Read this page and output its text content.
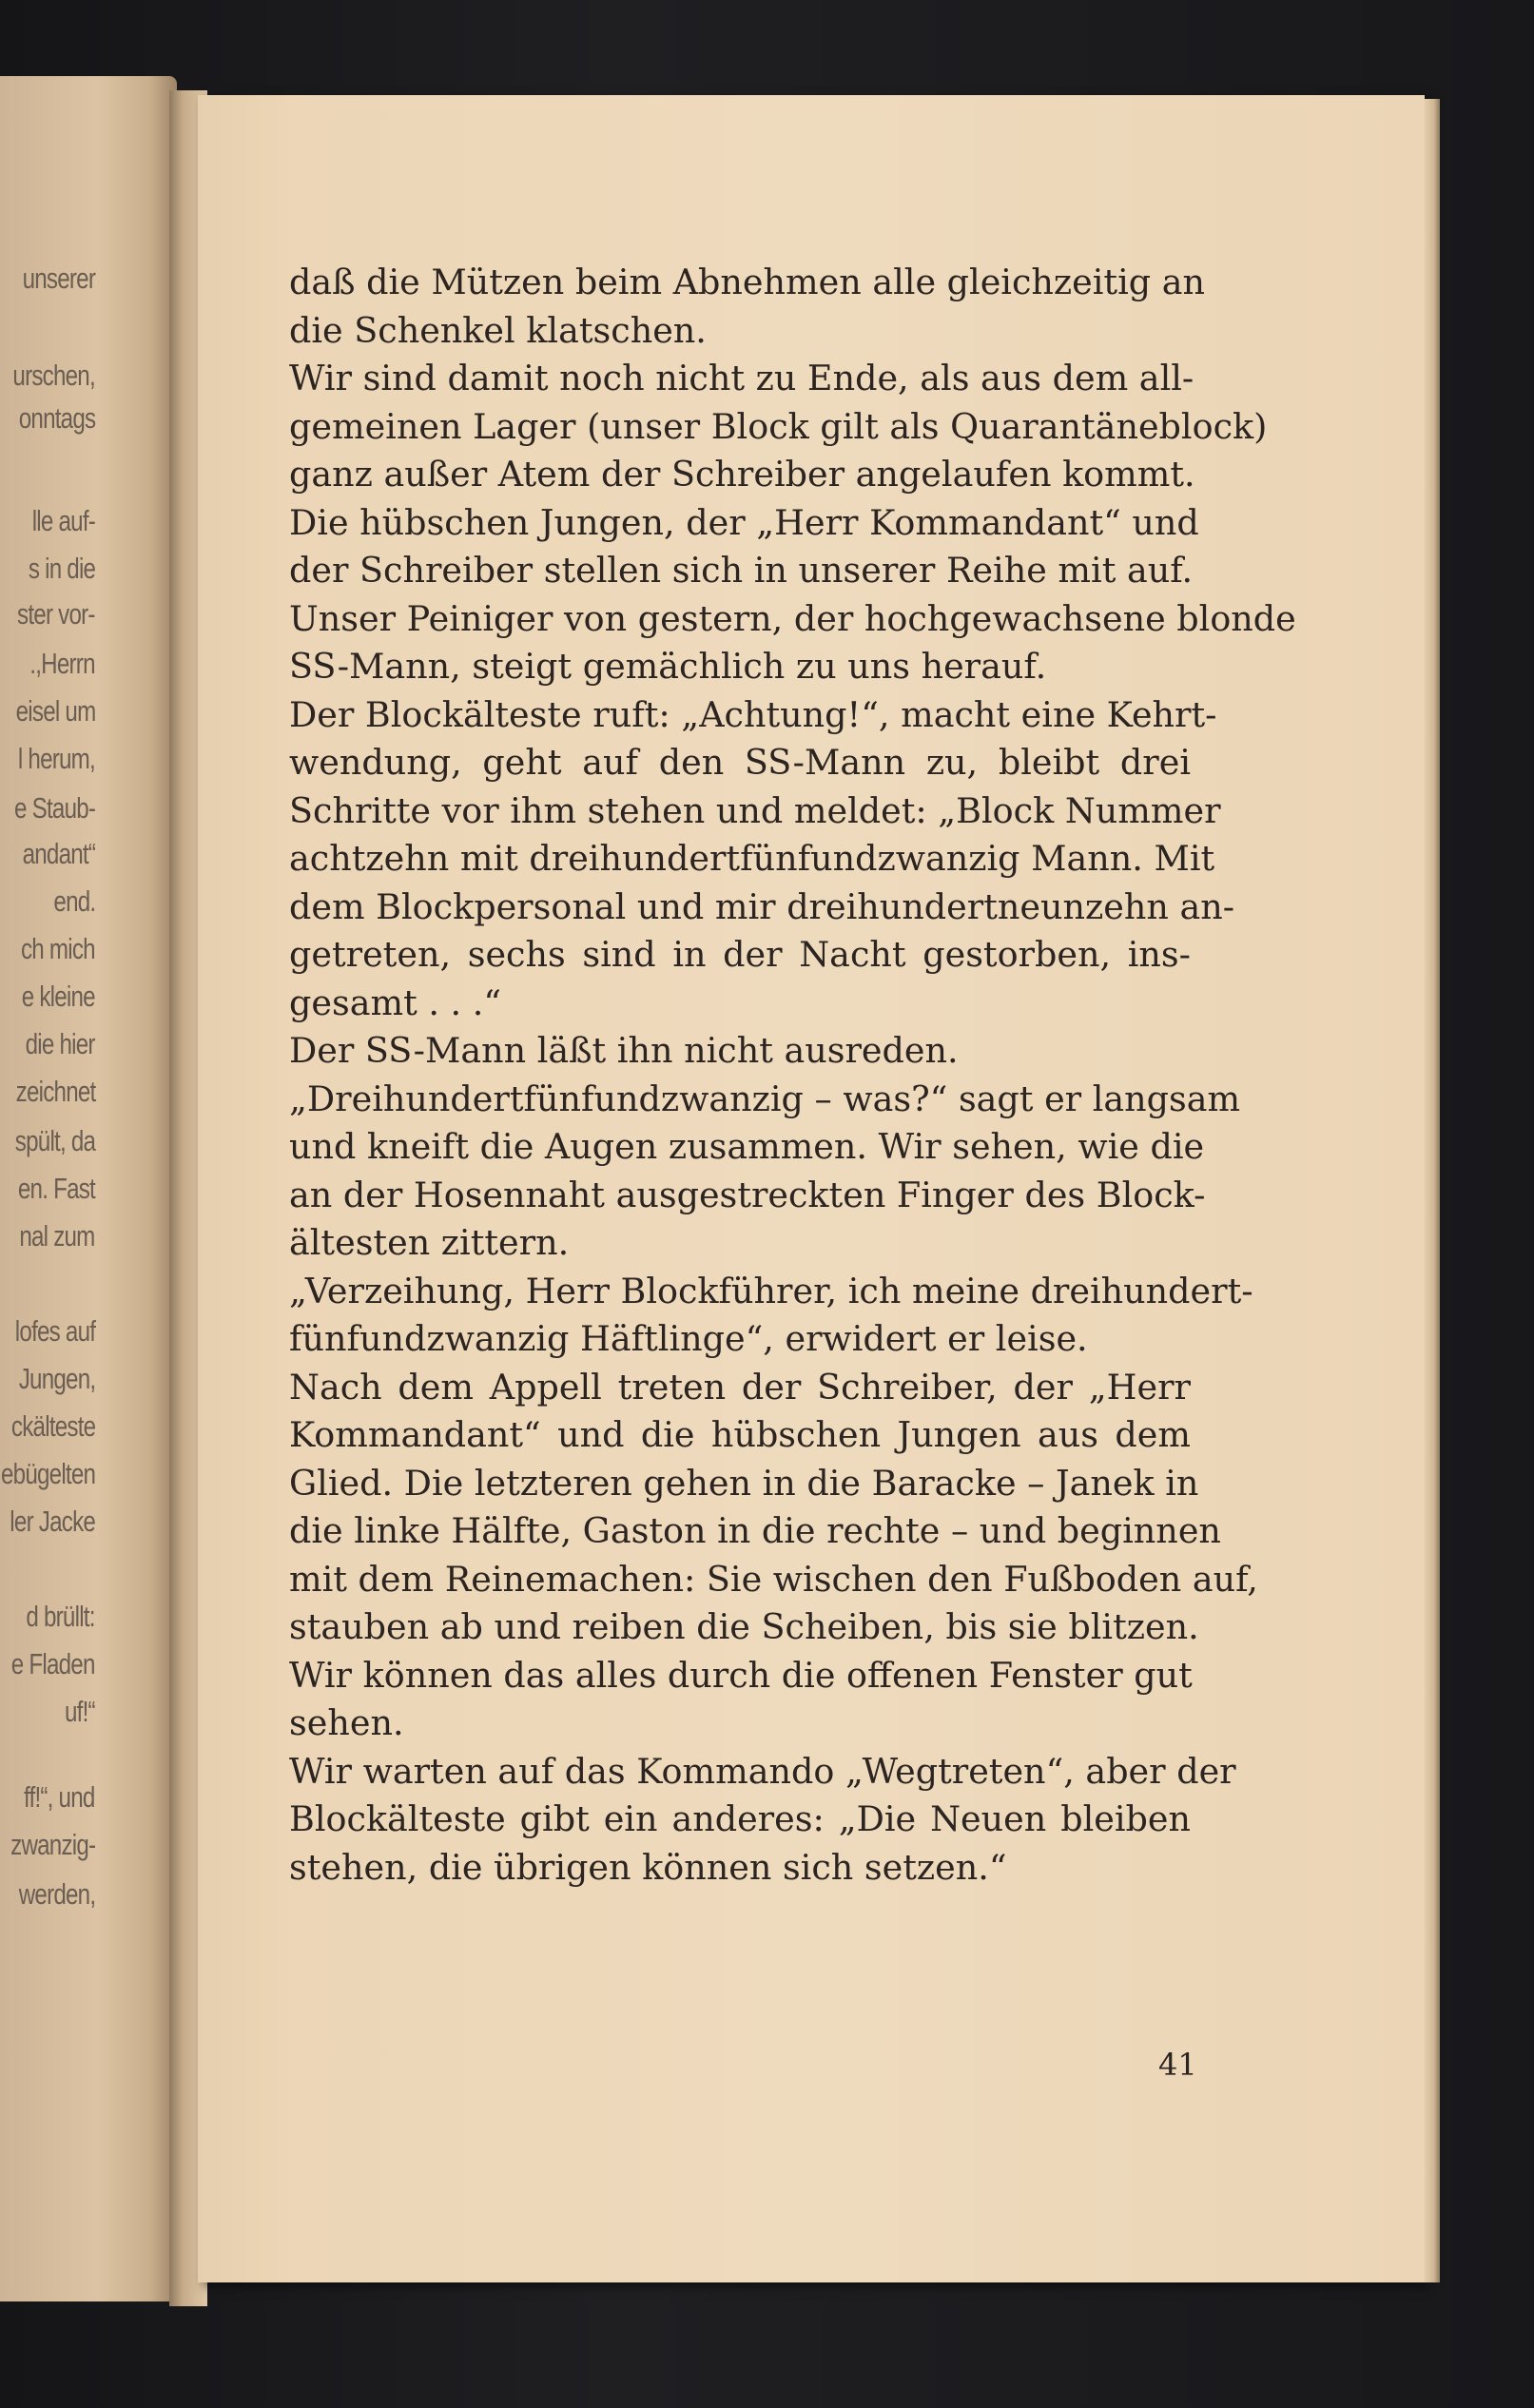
unserer
urschen,
onntags
lle auf-
s in die
ster vor-
.,Herrn
eisel um
l herum,
e Staub-
andant“
end.
ch mich
e kleine
die hier
zeichnet
spült, da
en. Fast
nal zum
lofes auf
Jungen,
ckälteste
ebügelten
ler Jacke
d brüllt:
e Fladen
uf!“
ff!“, und
zwanzig-
werden,
daß die Mützen beim Abnehmen alle gleichzeitig an
die Schenkel klatschen.
Wir sind damit noch nicht zu Ende, als aus dem all-
gemeinen Lager (unser Block gilt als Quarantäneblock)
ganz außer Atem der Schreiber angelaufen kommt.
Die hübschen Jungen, der „Herr Kommandant“ und
der Schreiber stellen sich in unserer Reihe mit auf.
Unser Peiniger von gestern, der hochgewachsene blonde
SS-Mann, steigt gemächlich zu uns herauf.
Der Blockälteste ruft: „Achtung!“, macht eine Kehrt-
wendung, geht auf den SS-Mann zu, bleibt drei
Schritte vor ihm stehen und meldet: „Block Nummer
achtzehn mit dreihundertfünfundzwanzig Mann. Mit
dem Blockpersonal und mir dreihundertneunzehn an-
getreten, sechs sind in der Nacht gestorben, ins-
gesamt . . .“
Der SS-Mann läßt ihn nicht ausreden.
„Dreihundertfünfundzwanzig – was?“ sagt er langsam
und kneift die Augen zusammen. Wir sehen, wie die
an der Hosennaht ausgestreckten Finger des Block-
ältesten zittern.
„Verzeihung, Herr Blockführer, ich meine dreihundert-
fünfundzwanzig Häftlinge“, erwidert er leise.
Nach dem Appell treten der Schreiber, der „Herr
Kommandant“ und die hübschen Jungen aus dem
Glied. Die letzteren gehen in die Baracke – Janek in
die linke Hälfte, Gaston in die rechte – und beginnen
mit dem Reinemachen: Sie wischen den Fußboden auf,
stauben ab und reiben die Scheiben, bis sie blitzen.
Wir können das alles durch die offenen Fenster gut
sehen.
Wir warten auf das Kommando „Wegtreten“, aber der
Blockälteste gibt ein anderes: „Die Neuen bleiben
stehen, die übrigen können sich setzen.“
41
